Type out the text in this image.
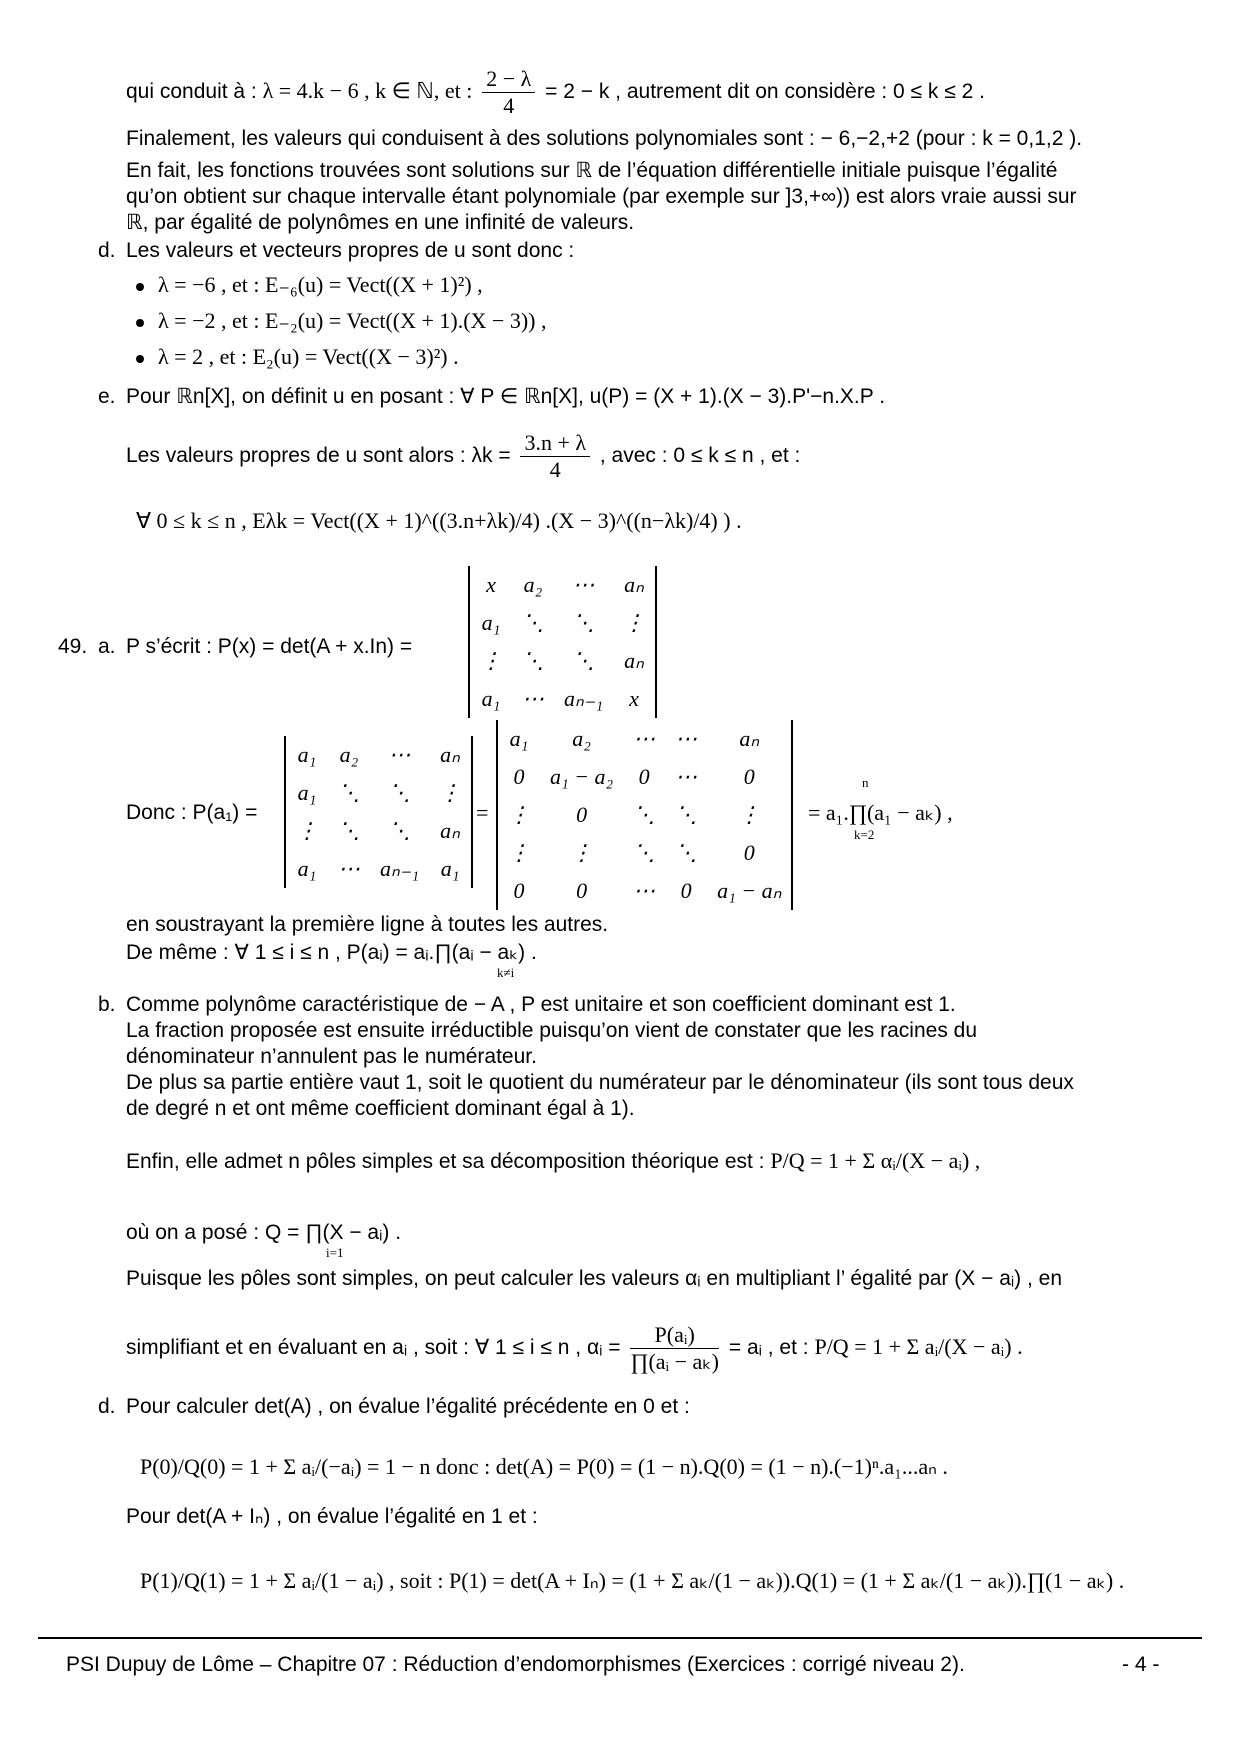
qui conduit à : λ = 4.k − 6 , k ∈ ℕ, et : $\frac{2 - \lambda}{4} = 2 - k$ , autrement dit on considère : 0 ≤ k ≤ 2 .
Finalement, les valeurs qui conduisent à des solutions polynomiales sont : − 6,−2,+2 (pour : k = 0,1,2 ).
En fait, les fonctions trouvées sont solutions sur ℝ de l’équation différentielle initiale puisque l’égalité
qu’on obtient sur chaque intervalle étant polynomiale (par exemple sur ]3,+∞)) est alors vraie aussi sur
ℝ, par égalité de polynômes en une infinité de valeurs.
d. Les valeurs et vecteurs propres de u sont donc :
λ = −6 , et : E₋₆(u) = Vect((X + 1)²) ,
λ = −2 , et : E₋₂(u) = Vect((X + 1).(X − 3)) ,
λ = 2 , et : E₂(u) = Vect((X − 3)²) .
e. Pour ℝn[X], on définit u en posant : ∀ P ∈ ℝn[X], u(P) = (X + 1).(X − 3).P'−n.X.P .
Les valeurs propres de u sont alors : $\lambda k = \frac{3.n + \lambda}{4}$ , avec : 0 ≤ k ≤ n , et :
∀ 0 ≤ k ≤ n , Eλk = Vect((X + 1)^((3.n+λk)/4) .(X − 3)^((n−λk)/4) ) .
49. a. P s’écrit : P(x) = det(A + x.In) =
x	a₂	⋯	aₙ
a₁	⋱	⋱	⋮
⋮	⋱	⋱	aₙ
a₁	⋯	aₙ₋₁	x
Donc : P(a₁) =
a₁	a₂	⋯	aₙ
a₁	⋱	⋱	⋮
⋮	⋱	⋱	aₙ
a₁	⋯	aₙ₋₁	a₁
=
a₁	a₂	⋯	⋯	aₙ
0	a₁ − a₂	0	⋯	0
⋮	0	⋱	⋱	⋮
⋮	⋮	⋱	⋱	0
0	0	⋯	0	a₁ − aₙ
= a₁.∏(a₁ − aₖ) ,
n
k=2
en soustrayant la première ligne à toutes les autres.
De même : ∀ 1 ≤ i ≤ n , P(aᵢ) = aᵢ.∏(aᵢ − aₖ) .
k≠i
b. Comme polynôme caractéristique de − A , P est unitaire et son coefficient dominant est 1.
La fraction proposée est ensuite irréductible puisqu’on vient de constater que les racines du
dénominateur n’annulent pas le numérateur.
De plus sa partie entière vaut 1, soit le quotient du numérateur par le dénominateur (ils sont tous deux
de degré n et ont même coefficient dominant égal à 1).
Enfin, elle admet n pôles simples et sa décomposition théorique est : P/Q = 1 + Σ αᵢ/(X − aᵢ) ,
où on a posé : Q = ∏(X − aᵢ) .
i=1
Puisque les pôles sont simples, on peut calculer les valeurs αᵢ en multipliant l’ égalité par (X − aᵢ) , en
simplifiant et en évaluant en aᵢ , soit : ∀ 1 ≤ i ≤ n , αᵢ = $\frac{\text{P(aᵢ)}}{\text{∏(aᵢ − aₖ)}}$ = aᵢ , et : P/Q = 1 + Σ aᵢ/(X − aᵢ) .
d. Pour calculer det(A) , on évalue l’égalité précédente en 0 et :
P(0)/Q(0) = 1 + Σ aᵢ/(−aᵢ) = 1 − n donc : det(A) = P(0) = (1 − n).Q(0) = (1 − n).(−1)ⁿ.a₁...aₙ .
Pour det(A + Iₙ) , on évalue l’égalité en 1 et :
P(1)/Q(1) = 1 + Σ aᵢ/(1 − aᵢ) , soit : P(1) = det(A + Iₙ) = (1 + Σ aₖ/(1 − aₖ)).Q(1) = (1 + Σ aₖ/(1 − aₖ)).∏(1 − aₖ) .
PSI Dupuy de Lôme – Chapitre 07 : Réduction d’endomorphismes (Exercices : corrigé niveau 2).	- 4 -
